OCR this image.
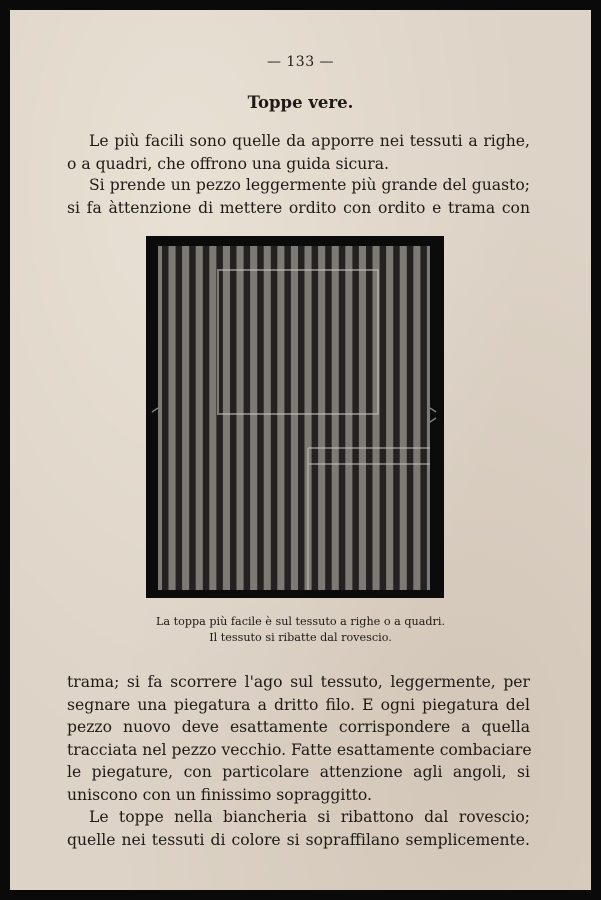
— 133 —
Toppe vere.

Le più facili sono quelle da apporre nei tessuti a righe,
o a quadri, che offrono una guida sicura.

Si prende un pezzo leggermente più grande del guasto;
si fa àttenzione di mettere ordito con ordito e trama con

La toppa più facile è sul tessuto a righe o a quadri.
Il tessuto si ribatte dal rovescio.

trama; si fa scorrere l'ago sul tessuto, leggermente, per
segnare una piegatura a dritto filo. E ogni piegatura del
pezzo nuovo deve esattamente corrispondere a quella
tracciata nel pezzo vecchio. Fatte esattamente combaciare
le piegature, con particolare attenzione agli angoli, si
uniscono con un finissimo sopraggitto.

Le toppe nella biancheria si ribattono dal rovescio;
quelle nei tessuti di colore si sopraffilano semplicemente.
